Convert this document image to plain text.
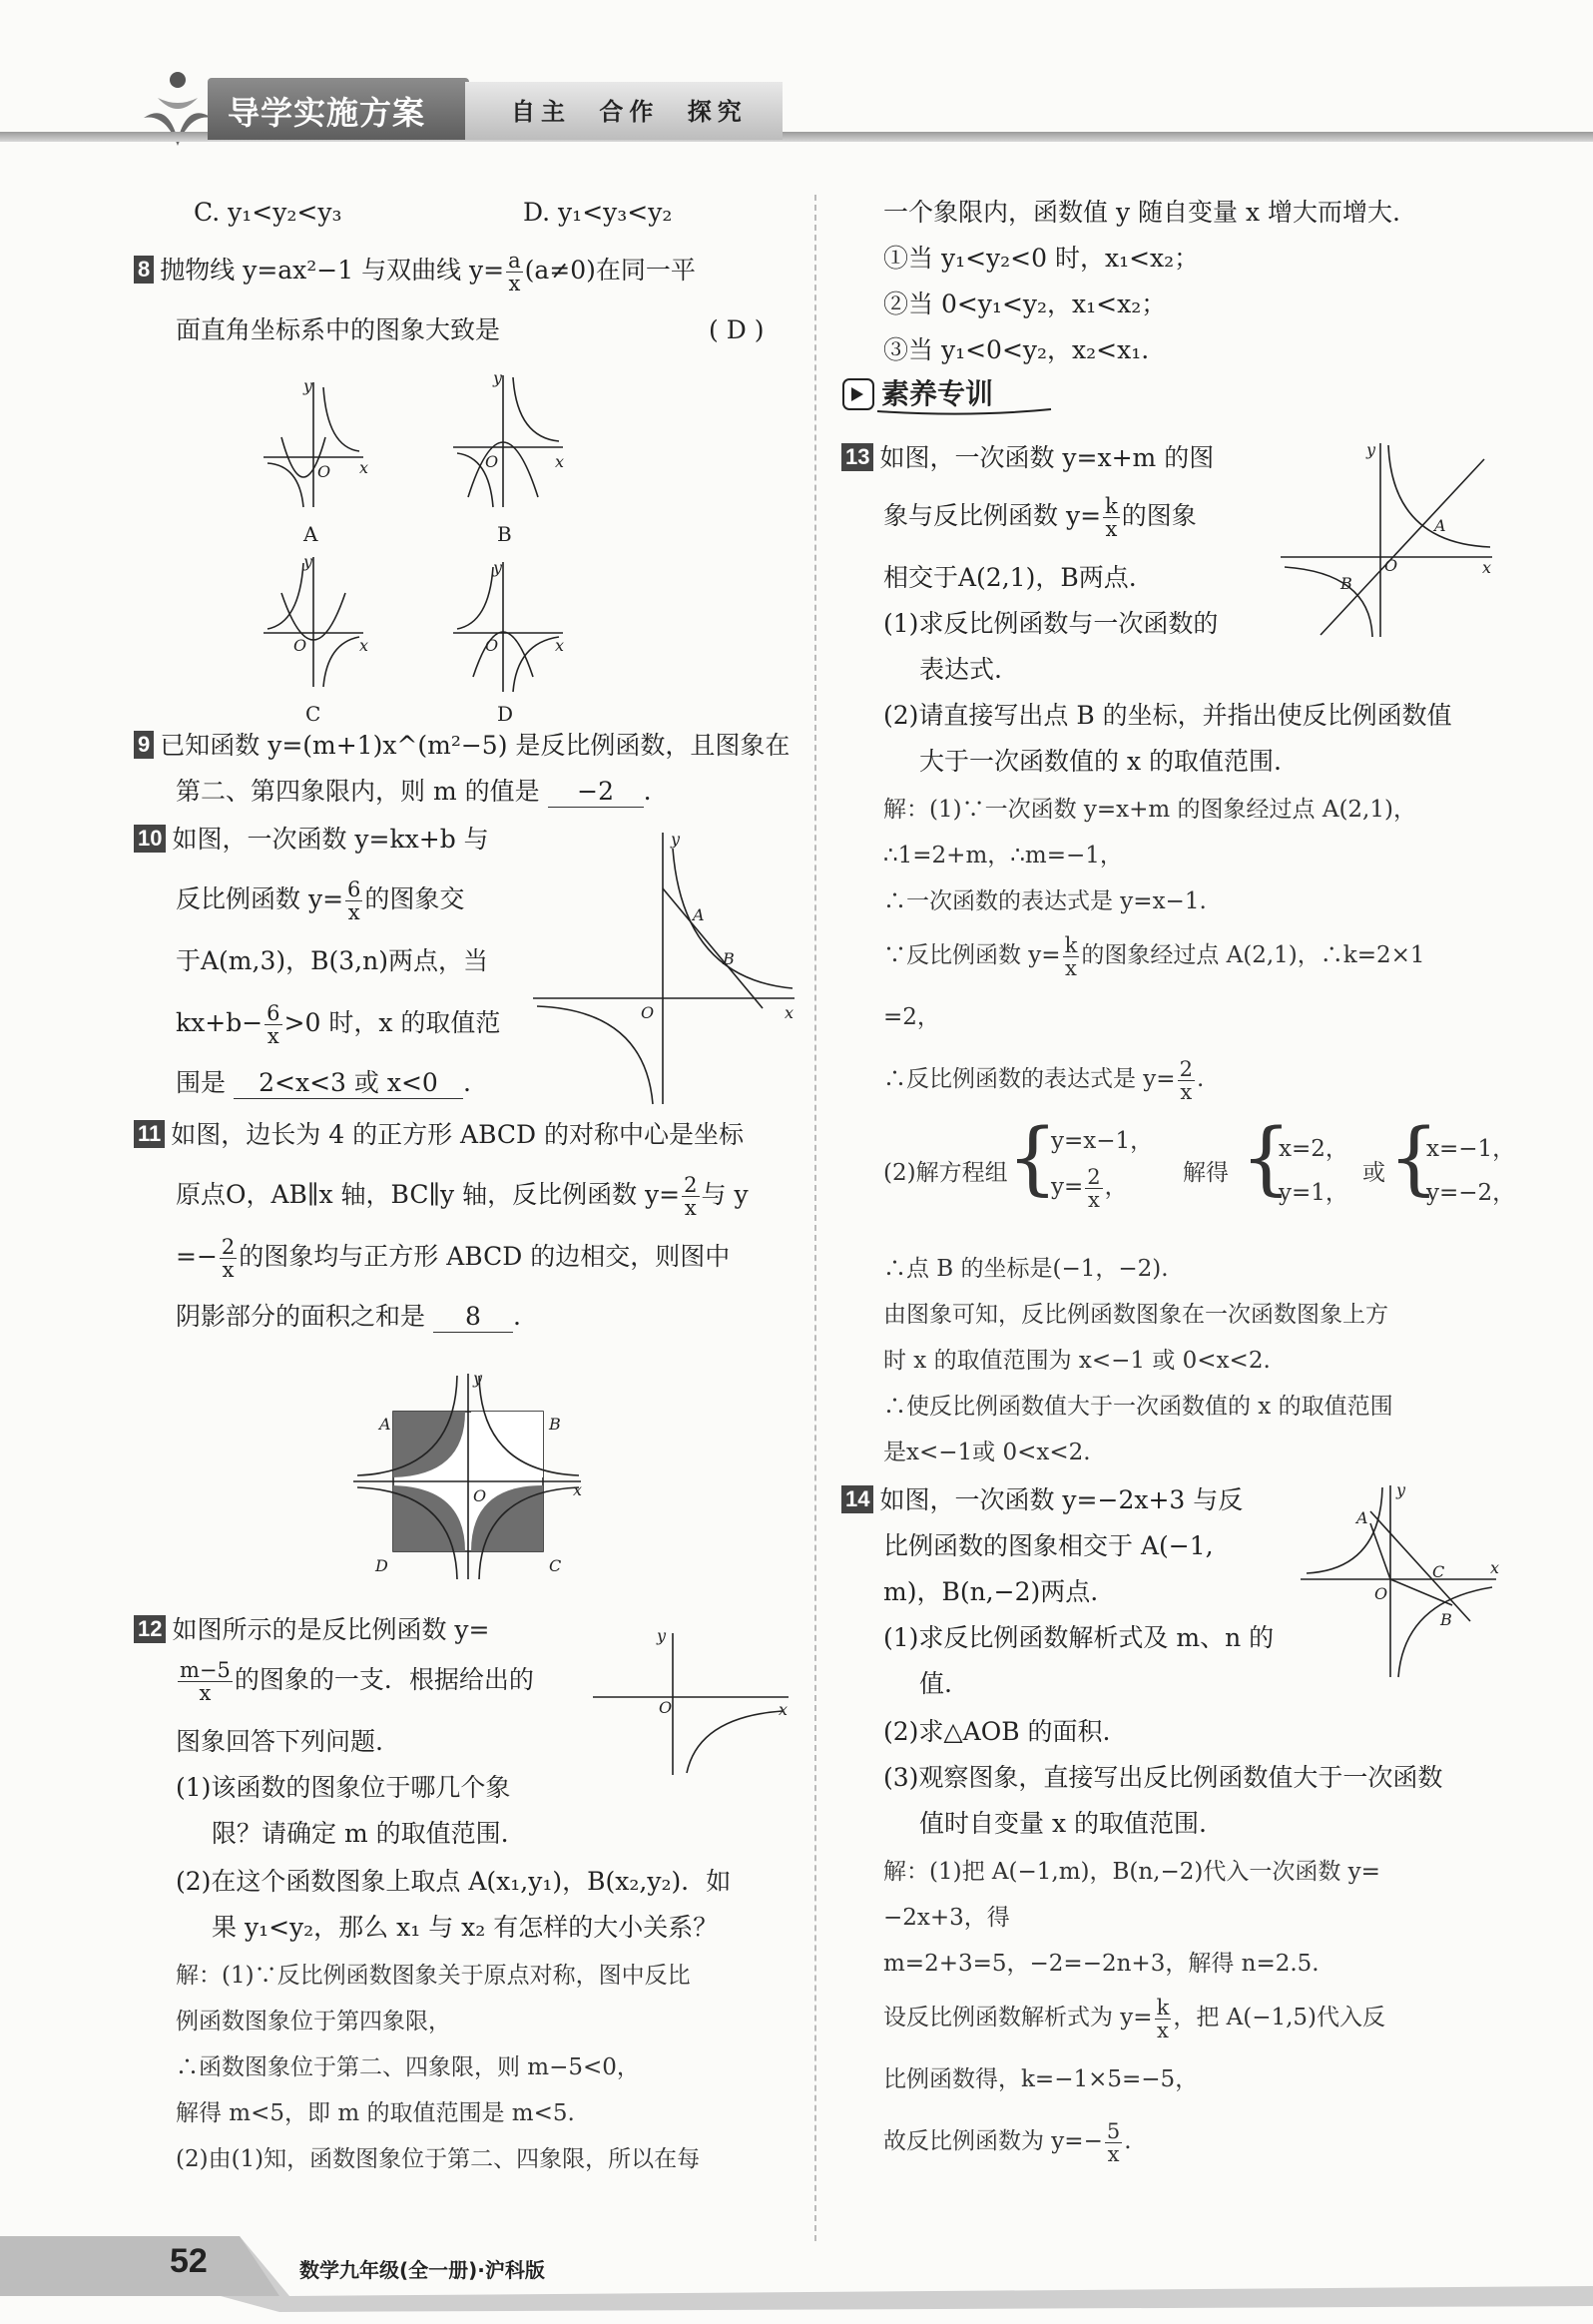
导学实施方案	自主 合作 探究
C. y₁<y₂<y₃	D. y₁<y₃<y₂
8 抛物线 y=ax²−1 与双曲线 $y= \frac{a}{x} (a\ne 0)$在同一平
面直角坐标系中的图象大致是	( D )
y
O x
y
O	x
y
O	x
y
O	x
A	B
C	D
9 已知函数 y=(m+1)x^(m²−5) 是反比例函数，且图象在
第二、第四象限内，则 m 的值是 −2 .
10 如图，一次函数 y=kx+b 与
反比例函数 $y= \frac{6}{x}$ 的图象交
于A(m,3)，B(3,n)两点，当
$kx+b- \frac{6}{x} >0$ 时，x 的取值范
围是 2<x<3 或 x<0 .
y
O	x
A
B
11 如图，边长为 4 的正方形 ABCD 的对称中心是坐标
原点O，AB∥x 轴，BC∥y 轴，反比例函数 $y= \frac{2}{x}$ 与 y
=− $\frac{2}{x}$ 的图象均与正方形 ABCD 的边相交，则图中
阴影部分的面积之和是 8 .
y
x
O
A	B
C
D
12 如图所示的是反比例函数 y=
$\frac{m-5}{x}$ 的图象的一支．根据给出的
图象回答下列问题.
(1)该函数的图象位于哪几个象
限？请确定 m 的取值范围.
(2)在这个函数图象上取点 A(x₁,y₁)，B(x₂,y₂)．如
果 y₁<y₂，那么 x₁ 与 x₂ 有怎样的大小关系？
解：(1)∵反比例函数图象关于原点对称，图中反比
例函数图象位于第四象限，
∴函数图象位于第二、四象限，则 m−5<0，
解得 m<5，即 m 的取值范围是 m<5.
(2)由(1)知，函数图象位于第二、四象限，所以在每
y
O	x
一个象限内，函数值 y 随自变量 x 增大而增大.
①当 y₁<y₂<0 时，x₁<x₂；
②当 0<y₁<y₂，x₁<x₂；
③当 y₁<0<y₂，x₂<x₁.
素养专训
13 如图，一次函数 y=x+m 的图
象与反比例函数 $y= \frac{k}{x}$ 的图象
相交于A(2,1)，B两点.
(1)求反比例函数与一次函数的
表达式.
(2)请直接写出点 B 的坐标，并指出使反比例函数值
大于一次函数值的 x 的取值范围.
y
O	x
A
B
解：(1)∵一次函数 y=x+m 的图象经过点 A(2,1)，
∴1=2+m，∴m=−1，
∴一次函数的表达式是 y=x−1.
∵反比例函数 $y= \frac{k}{x}$ 的图象经过点 A(2,1)，∴k=2×1
=2，
∴反比例函数的表达式是 $y= \frac{2}{x}$ .
(2)解方程组 {
y=x−1，
$y= \frac{2}{x}$ ，
解得 {
x=2，
y=1，
或 {
x=−1，
y=−2，
∴点 B 的坐标是(−1，−2).
由图象可知，反比例函数图象在一次函数图象上方
时 x 的取值范围为 x<−1 或 0<x<2.
∴使反比例函数值大于一次函数值的 x 的取值范围
是x<−1或 0<x<2.
14 如图，一次函数 y=−2x+3 与反
比例函数的图象相交于 A(−1,
m)，B(n,−2)两点.
(1)求反比例函数解析式及 m、n 的
值.
(2)求△AOB 的面积.
(3)观察图象，直接写出反比例函数值大于一次函数
值时自变量 x 的取值范围.
y
O
x
A
B
C
解：(1)把 A(−1,m)，B(n,−2)代入一次函数 y=
−2x+3，得
m=2+3=5，−2=−2n+3，解得 n=2.5.
设反比例函数解析式为 $y= \frac{k}{x}$ ，把 A(−1,5)代入反
比例函数得，k=−1×5=−5，
故反比例函数为 $y=- \frac{5}{x}$ .
52	数学九年级(全一册)·沪科版
